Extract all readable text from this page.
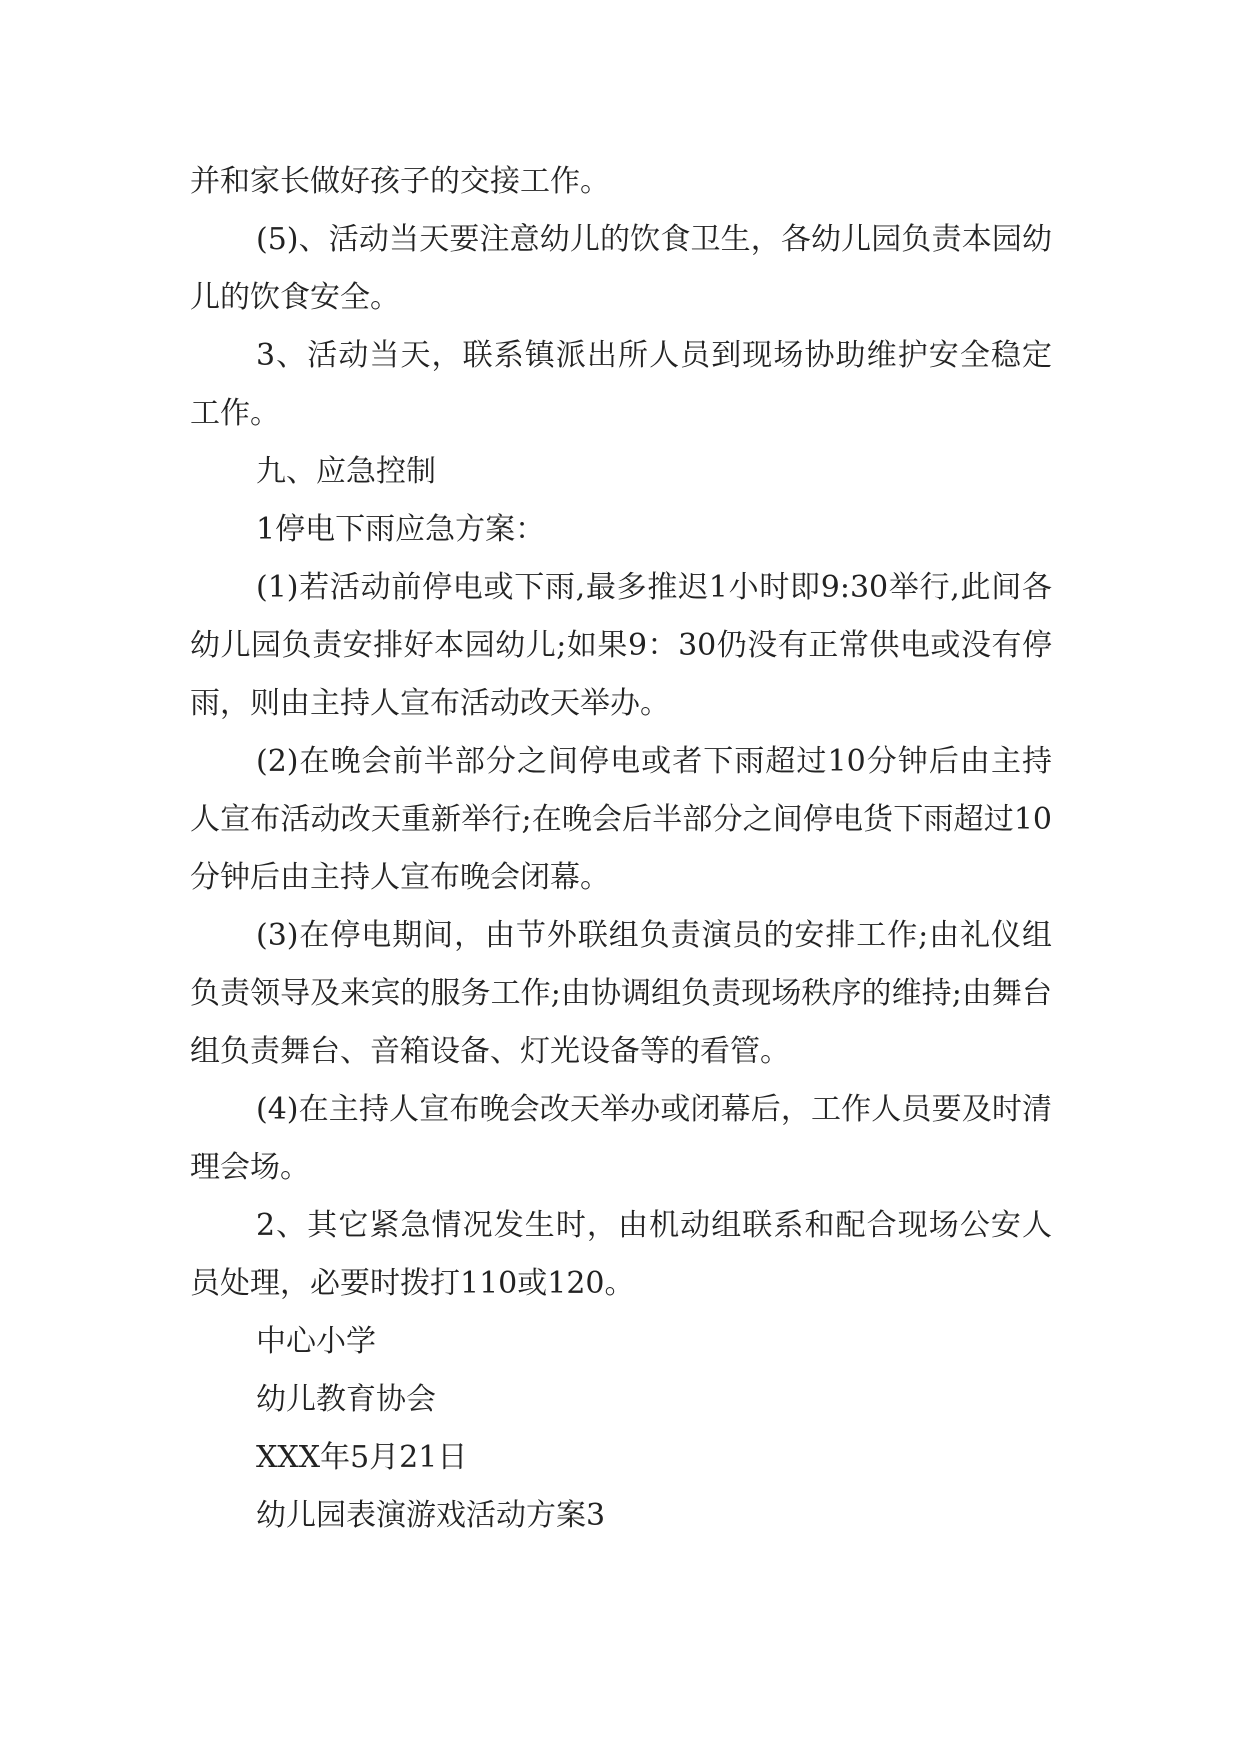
并和家长做好孩子的交接工作。

(5)、活动当天要注意幼儿的饮食卫生，各幼儿园负责本园幼儿的饮食安全。

3、活动当天，联系镇派出所人员到现场协助维护安全稳定工作。

九、应急控制

1停电下雨应急方案：

(1)若活动前停电或下雨,最多推迟1小时即9:30举行,此间各幼儿园负责安排好本园幼儿;如果9：30仍没有正常供电或没有停雨，则由主持人宣布活动改天举办。

(2)在晚会前半部分之间停电或者下雨超过10分钟后由主持人宣布活动改天重新举行;在晚会后半部分之间停电货下雨超过10分钟后由主持人宣布晚会闭幕。

(3)在停电期间，由节外联组负责演员的安排工作;由礼仪组负责领导及来宾的服务工作;由协调组负责现场秩序的维持;由舞台组负责舞台、音箱设备、灯光设备等的看管。

(4)在主持人宣布晚会改天举办或闭幕后，工作人员要及时清理会场。

2、其它紧急情况发生时，由机动组联系和配合现场公安人员处理，必要时拨打110或120。

中心小学

幼儿教育协会

XXX年5月21日

幼儿园表演游戏活动方案3
